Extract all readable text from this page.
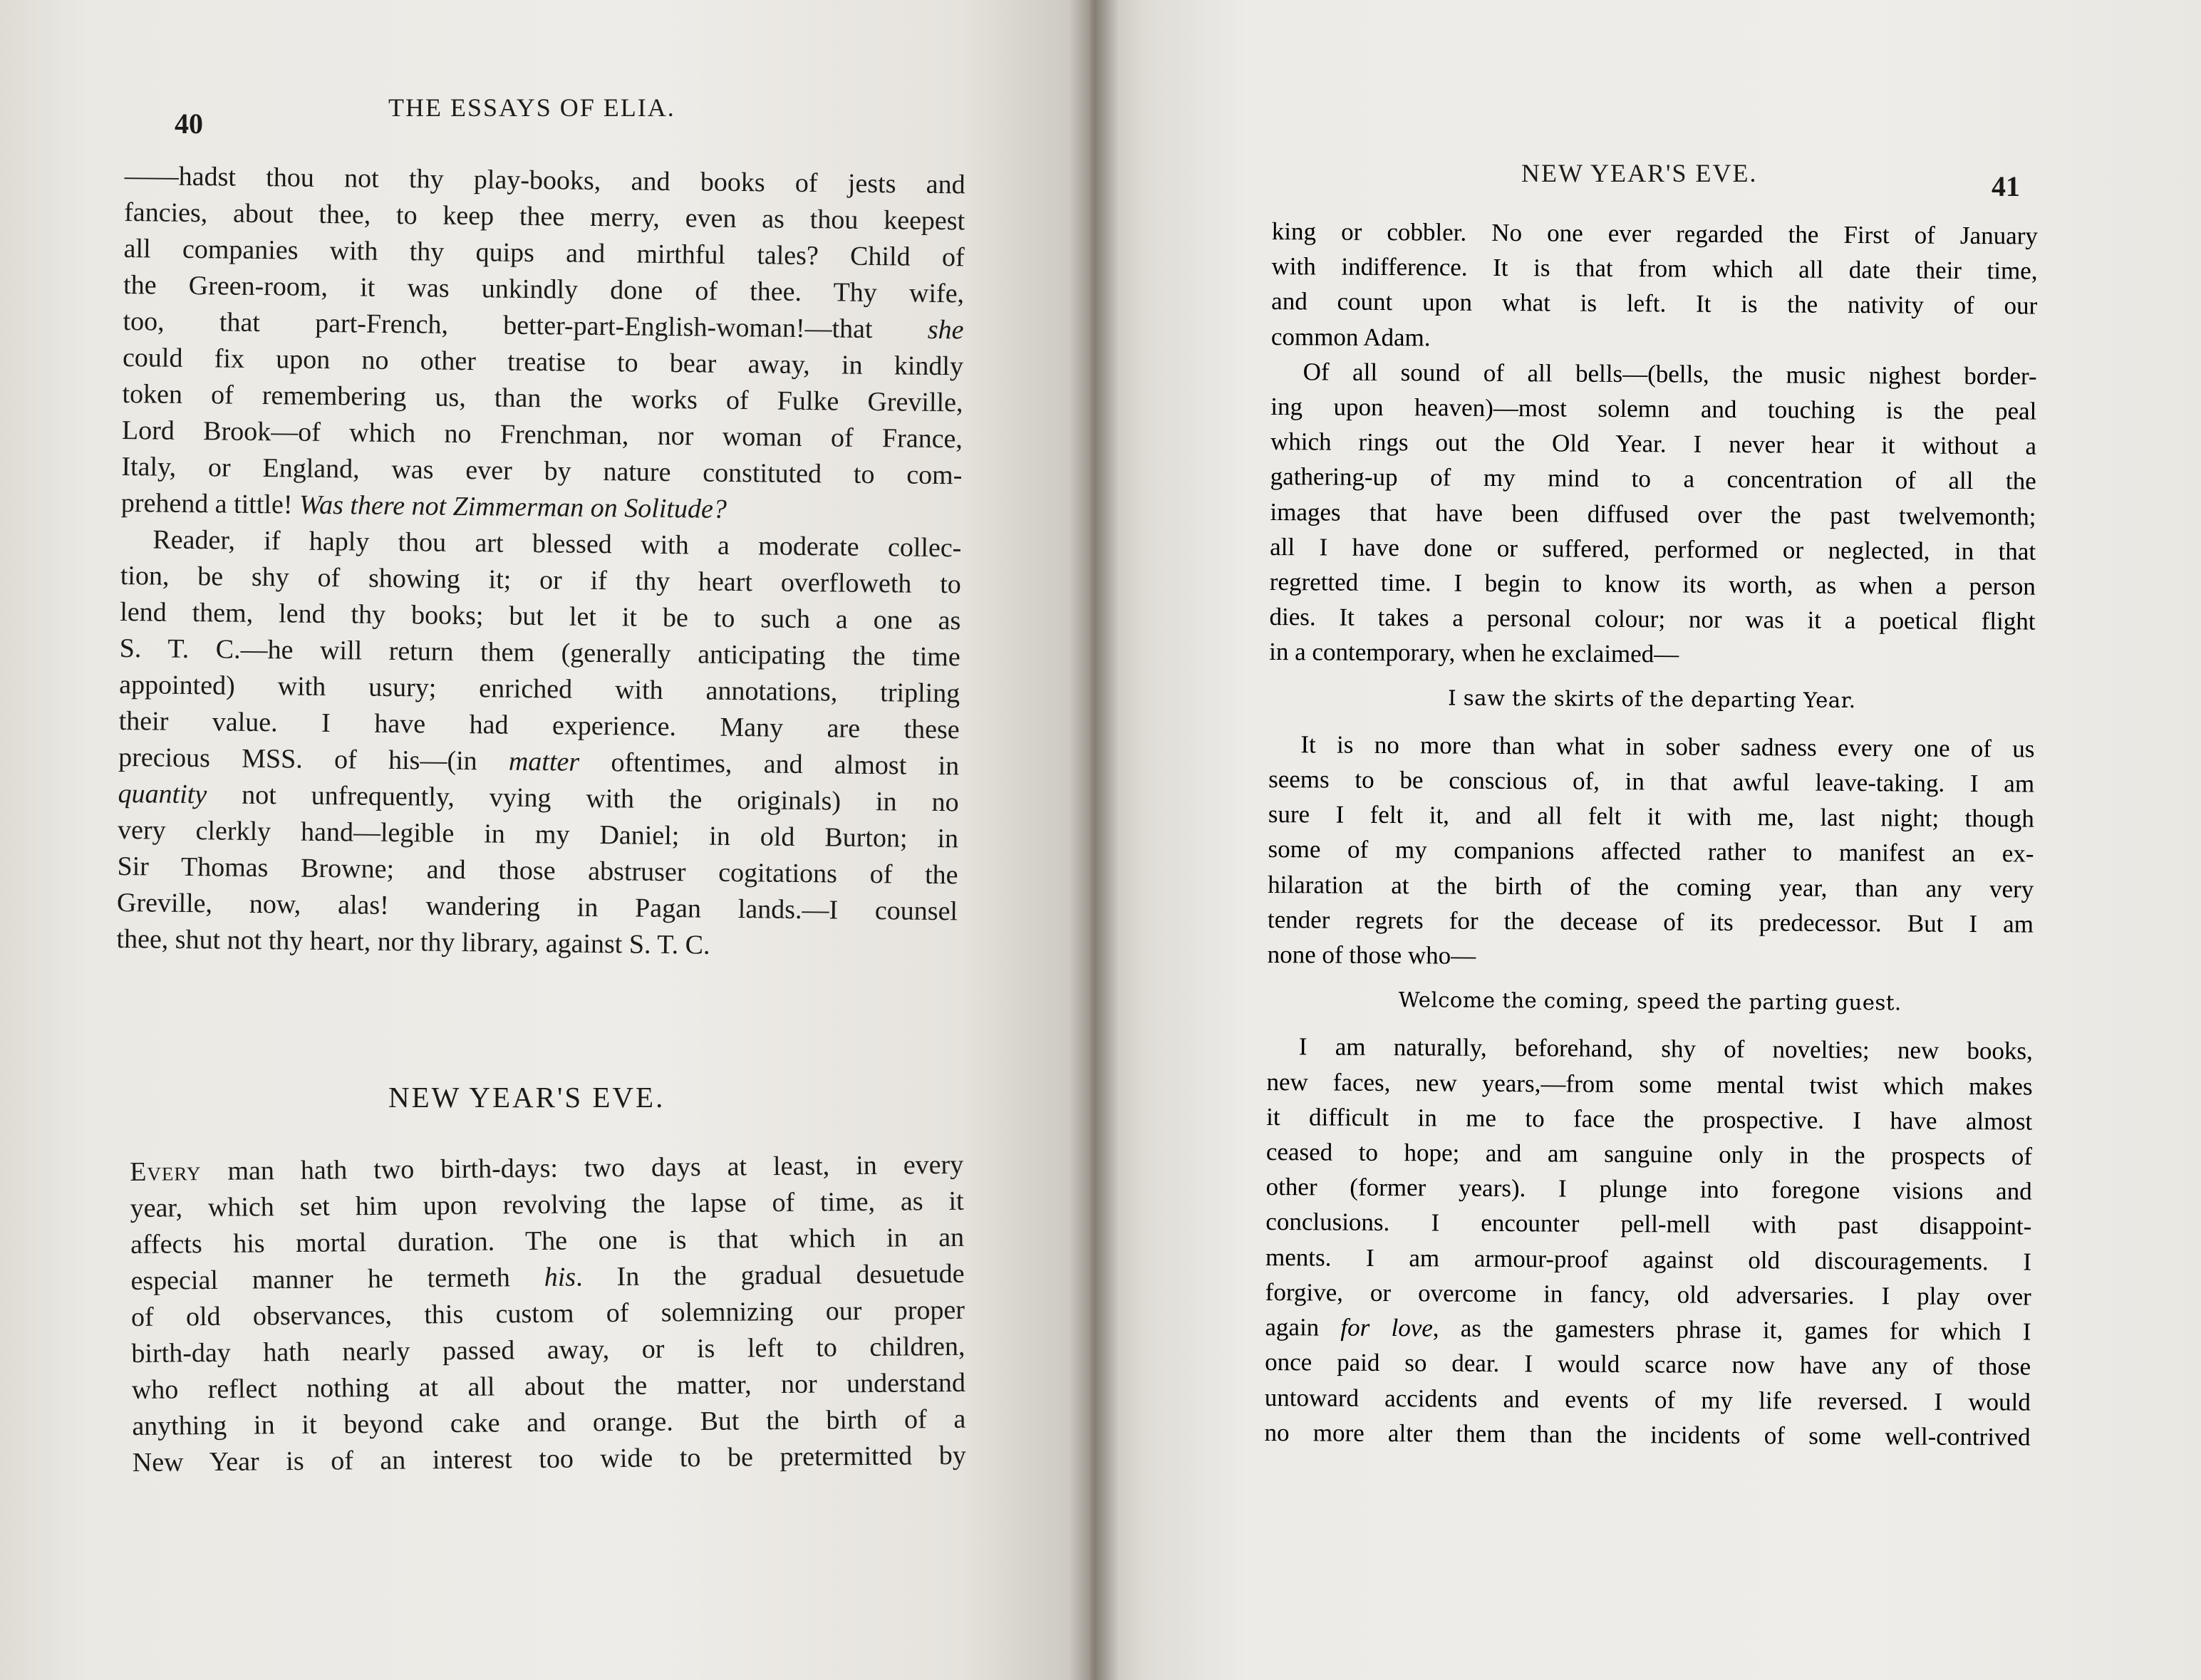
40	THE ESSAYS OF ELIA.
——hadst thou not thy play-books, and books of jests and
fancies, about thee, to keep thee merry, even as thou keepest
all companies with thy quips and mirthful tales? Child of
the Green-room, it was unkindly done of thee. Thy wife,
too, that part-French, better-part-English-woman!—that she
could fix upon no other treatise to bear away, in kindly
token of remembering us, than the works of Fulke Greville,
Lord Brook—of which no Frenchman, nor woman of France,
Italy, or England, was ever by nature constituted to com-
prehend a tittle! Was there not Zimmerman on Solitude?
Reader, if haply thou art blessed with a moderate collec-
tion, be shy of showing it; or if thy heart overfloweth to
lend them, lend thy books; but let it be to such a one as
S. T. C.—he will return them (generally anticipating the time
appointed) with usury; enriched with annotations, tripling
their value. I have had experience. Many are these
precious MSS. of his—(in matter oftentimes, and almost in
quantity not unfrequently, vying with the originals) in no
very clerkly hand—legible in my Daniel; in old Burton; in
Sir Thomas Browne; and those abstruser cogitations of the
Greville, now, alas! wandering in Pagan lands.—I counsel
thee, shut not thy heart, nor thy library, against S. T. C.
NEW YEAR'S EVE.
Every man hath two birth-days: two days at least, in every
year, which set him upon revolving the lapse of time, as it
affects his mortal duration. The one is that which in an
especial manner he termeth his. In the gradual desuetude
of old observances, this custom of solemnizing our proper
birth-day hath nearly passed away, or is left to children,
who reflect nothing at all about the matter, nor understand
anything in it beyond cake and orange. But the birth of a
New Year is of an interest too wide to be pretermitted by
NEW YEAR'S EVE.	41
king or cobbler. No one ever regarded the First of January
with indifference. It is that from which all date their time,
and count upon what is left. It is the nativity of our
common Adam.
Of all sound of all bells—(bells, the music nighest border-
ing upon heaven)—most solemn and touching is the peal
which rings out the Old Year. I never hear it without a
gathering-up of my mind to a concentration of all the
images that have been diffused over the past twelvemonth;
all I have done or suffered, performed or neglected, in that
regretted time. I begin to know its worth, as when a person
dies. It takes a personal colour; nor was it a poetical flight
in a contemporary, when he exclaimed—
I saw the skirts of the departing Year.
It is no more than what in sober sadness every one of us
seems to be conscious of, in that awful leave-taking. I am
sure I felt it, and all felt it with me, last night; though
some of my companions affected rather to manifest an ex-
hilaration at the birth of the coming year, than any very
tender regrets for the decease of its predecessor. But I am
none of those who—
Welcome the coming, speed the parting guest.
I am naturally, beforehand, shy of novelties; new books,
new faces, new years,—from some mental twist which makes
it difficult in me to face the prospective. I have almost
ceased to hope; and am sanguine only in the prospects of
other (former years). I plunge into foregone visions and
conclusions. I encounter pell-mell with past disappoint-
ments. I am armour-proof against old discouragements. I
forgive, or overcome in fancy, old adversaries. I play over
again for love, as the gamesters phrase it, games for which I
once paid so dear. I would scarce now have any of those
untoward accidents and events of my life reversed. I would
no more alter them than the incidents of some well-contrived
